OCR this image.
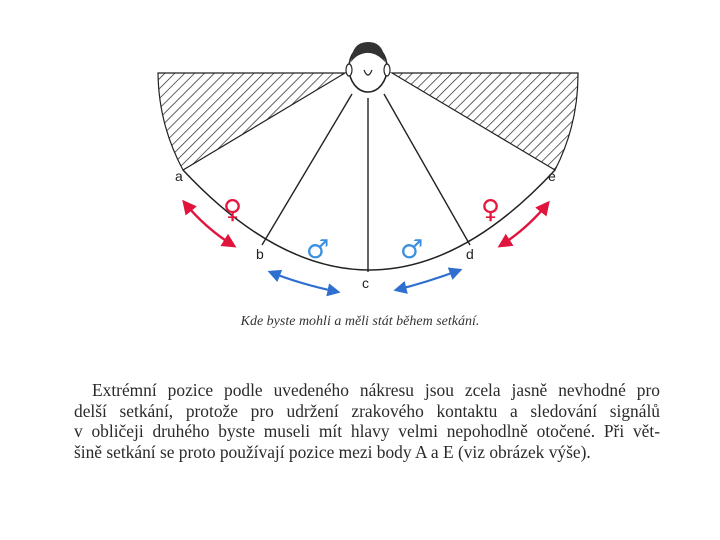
a
b
c
d
e
♀
♂	♂
♀
Kde byste mohli a měli stát během setkání.
Extrémní pozice podle uvedeného nákresu jsou zcela jasně nevhodné pro
delší setkání, protože pro udržení zrakového kontaktu a sledování signálů
v obličeji druhého byste museli mít hlavy velmi nepohodlně otočené. Při vět-
šině setkání se proto používají pozice mezi body A a E (viz obrázek výše).
